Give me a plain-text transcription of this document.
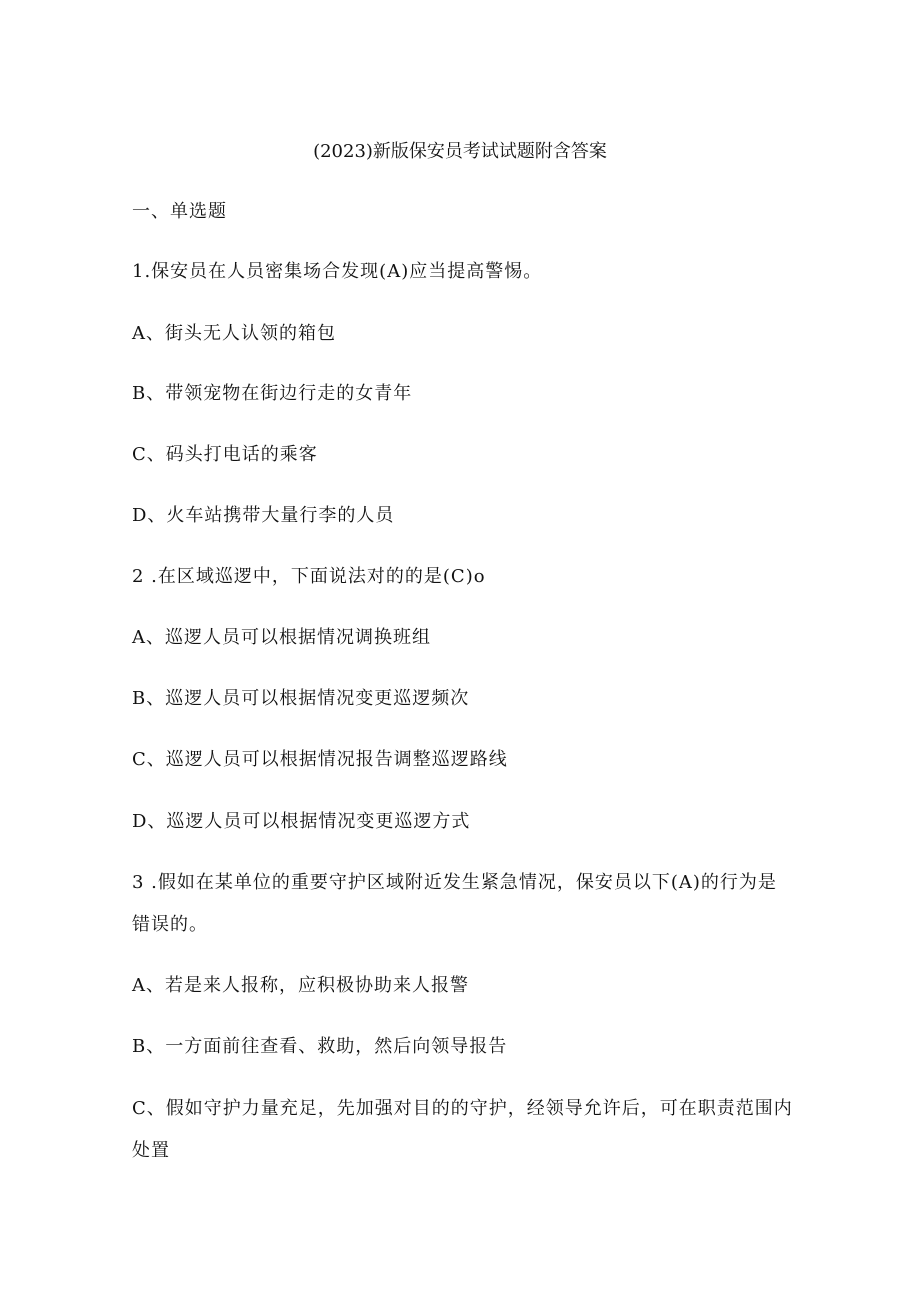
(2023)新版保安员考试试题附含答案
一、单选题
1.保安员在人员密集场合发现(A)应当提高警惕。
A、街头无人认领的箱包
B、带领宠物在街边行走的女青年
C、码头打电话的乘客
D、火车站携带大量行李的人员
2 .在区域巡逻中，下面说法对的的是(C)o
A、巡逻人员可以根据情况调换班组
B、巡逻人员可以根据情况变更巡逻频次
C、巡逻人员可以根据情况报告调整巡逻路线
D、巡逻人员可以根据情况变更巡逻方式
3 .假如在某单位的重要守护区域附近发生紧急情况，保安员以下(A)的行为是
错误的。
A、若是来人报称，应积极协助来人报警
B、一方面前往查看、救助，然后向领导报告
C、假如守护力量充足，先加强对目的的守护，经领导允许后，可在职责范围内
处置
